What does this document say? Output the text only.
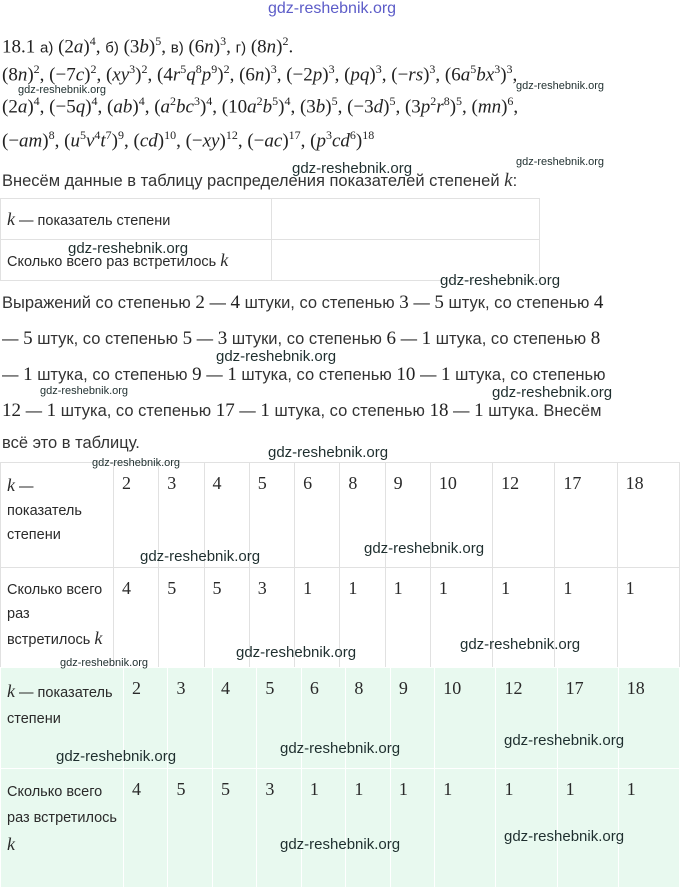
gdz-reshebnik.org
18.1 а) $(2a)^4$, б) $(3b)^5$, в) $(6n)^3$, г) $(8n)^2$.
$(8n)^2$, $(-7c)^2$, $(xy^3)^2$, $(4r^5q^8p^9)^2$, $(6n)^3$, $(-2p)^3$, (pq)$^3$, $(-rs)^3$, $(6a^5bx^3)^3$,
$(2a)^4$, $(-5q)^4$, (ab)$^4$, $(a^2bc^3)^4$, $(10a^2b^5)^4$, $(3b)^5$, $(-3d)^5$, $(3p^2r^8)^5$, (mn)$^6$,
$(-am)^8$, $(u^5v^4t^7)^9$, (cd)$^{10}$, $(-xy)^{12}$, $(-ac)^{17}$, $(p^3cd^6)^{18}$
Внесём данные в таблицу распределения показателей степеней k:
k — показатель степени	
Сколько всего раз встретилось k	
Выражений со степенью 2 — 4 штуки, со степенью 3 — 5 штук, со степенью 4
— 5 штук, со степенью 5 — 3 штуки, со степенью 6 — 1 штука, со степенью 8
— 1 штука, со степенью 9 — 1 штука, со степенью 10 — 1 штука, со степенью
12 — 1 штука, со степенью 17 — 1 штука, со степенью 18 — 1 штука. Внесём
всё это в таблицу.
k — показатель степени	2	3	4	5	6	8	9	10	12	17	18
Сколько всего раз встретилось k	4	5	5	3	1	1	1	1	1	1	1
k — показатель степени	2	3	4	5	6	8	9	10	12	17	18
Сколько всего раз встретилось k	4	5	5	3	1	1	1	1	1	1	1
gdz-reshebnik.org	gdz-reshebnik.org
gdz-reshebnik.org	gdz-reshebnik.org
gdz-reshebnik.org
gdz-reshebnik.org
gdz-reshebnik.org
gdz-reshebnik.org	gdz-reshebnik.org
gdz-reshebnik.org
gdz-reshebnik.org
gdz-reshebnik.org
gdz-reshebnik.org
gdz-reshebnik.org
gdz-reshebnik.org
gdz-reshebnik.org
gdz-reshebnik.org
gdz-reshebnik.org
gdz-reshebnik.org
gdz-reshebnik.org
gdz-reshebnik.org
